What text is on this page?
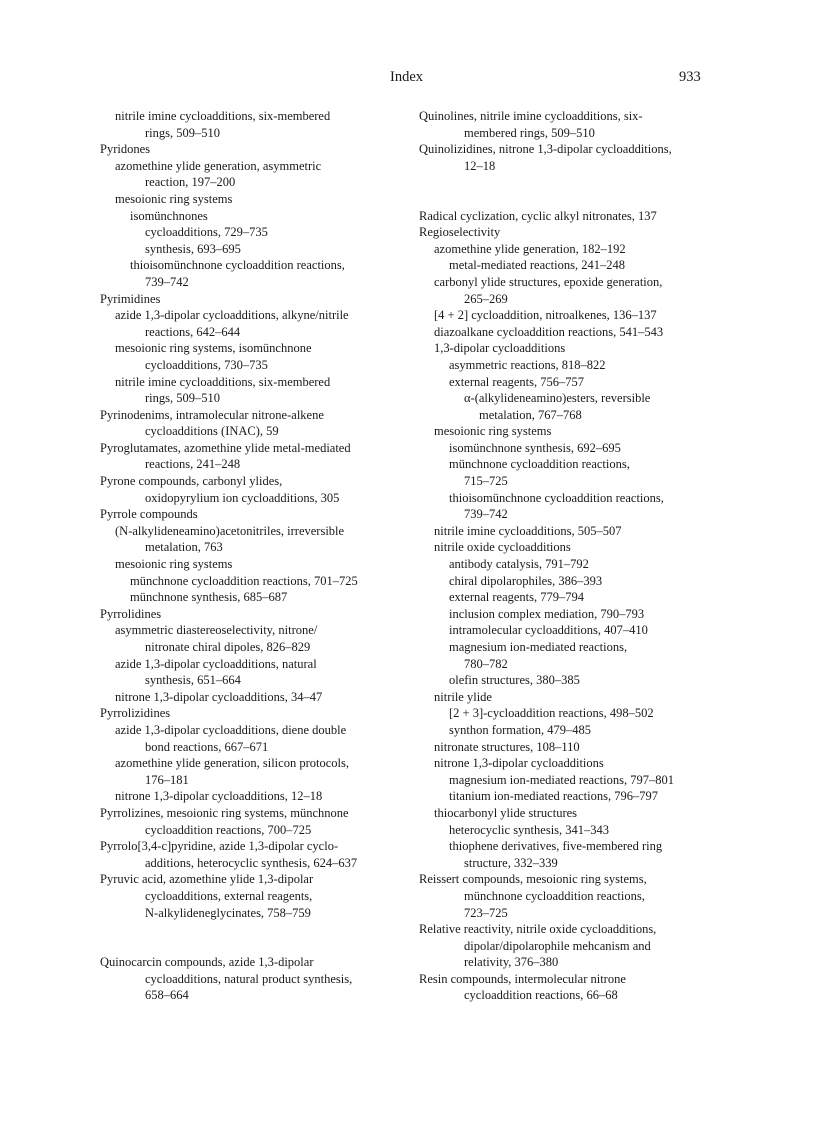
Index	933
nitrile imine cycloadditions, six-membered
rings, 509–510
Pyridones
azomethine ylide generation, asymmetric
reaction, 197–200
mesoionic ring systems
isomünchnones
cycloadditions, 729–735
synthesis, 693–695
thioisomünchnone cycloaddition reactions,
739–742
Pyrimidines
azide 1,3-dipolar cycloadditions, alkyne/nitrile
reactions, 642–644
mesoionic ring systems, isomünchnone
cycloadditions, 730–735
nitrile imine cycloadditions, six-membered
rings, 509–510
Pyrinodenims, intramolecular nitrone-alkene
cycloadditions (INAC), 59
Pyroglutamates, azomethine ylide metal-mediated
reactions, 241–248
Pyrone compounds, carbonyl ylides,
oxidopyrylium ion cycloadditions, 305
Pyrrole compounds
(N-alkylideneamino)acetonitriles, irreversible
metalation, 763
mesoionic ring systems
münchnone cycloaddition reactions, 701–725
münchnone synthesis, 685–687
Pyrrolidines
asymmetric diastereoselectivity, nitrone/
nitronate chiral dipoles, 826–829
azide 1,3-dipolar cycloadditions, natural
synthesis, 651–664
nitrone 1,3-dipolar cycloadditions, 34–47
Pyrrolizidines
azide 1,3-dipolar cycloadditions, diene double
bond reactions, 667–671
azomethine ylide generation, silicon protocols,
176–181
nitrone 1,3-dipolar cycloadditions, 12–18
Pyrrolizines, mesoionic ring systems, münchnone
cycloaddition reactions, 700–725
Pyrrolo[3,4-c]pyridine, azide 1,3-dipolar cyclo-
additions, heterocyclic synthesis, 624–637
Pyruvic acid, azomethine ylide 1,3-dipolar
cycloadditions, external reagents,
N-alkylideneglycinates, 758–759
Quinocarcin compounds, azide 1,3-dipolar
cycloadditions, natural product synthesis,
658–664
Quinolines, nitrile imine cycloadditions, six-
membered rings, 509–510
Quinolizidines, nitrone 1,3-dipolar cycloadditions,
12–18
Radical cyclization, cyclic alkyl nitronates, 137
Regioselectivity
azomethine ylide generation, 182–192
metal-mediated reactions, 241–248
carbonyl ylide structures, epoxide generation,
265–269
[4 + 2] cycloaddition, nitroalkenes, 136–137
diazoalkane cycloaddition reactions, 541–543
1,3-dipolar cycloadditions
asymmetric reactions, 818–822
external reagents, 756–757
α-(alkylideneamino)esters, reversible
metalation, 767–768
mesoionic ring systems
isomünchnone synthesis, 692–695
münchnone cycloaddition reactions,
715–725
thioisomünchnone cycloaddition reactions,
739–742
nitrile imine cycloadditions, 505–507
nitrile oxide cycloadditions
antibody catalysis, 791–792
chiral dipolarophiles, 386–393
external reagents, 779–794
inclusion complex mediation, 790–793
intramolecular cycloadditions, 407–410
magnesium ion-mediated reactions,
780–782
olefin structures, 380–385
nitrile ylide
[2 + 3]-cycloaddition reactions, 498–502
synthon formation, 479–485
nitronate structures, 108–110
nitrone 1,3-dipolar cycloadditions
magnesium ion-mediated reactions, 797–801
titanium ion-mediated reactions, 796–797
thiocarbonyl ylide structures
heterocyclic synthesis, 341–343
thiophene derivatives, five-membered ring
structure, 332–339
Reissert compounds, mesoionic ring systems,
münchnone cycloaddition reactions,
723–725
Relative reactivity, nitrile oxide cycloadditions,
dipolar/dipolarophile mehcanism and
relativity, 376–380
Resin compounds, intermolecular nitrone
cycloaddition reactions, 66–68
